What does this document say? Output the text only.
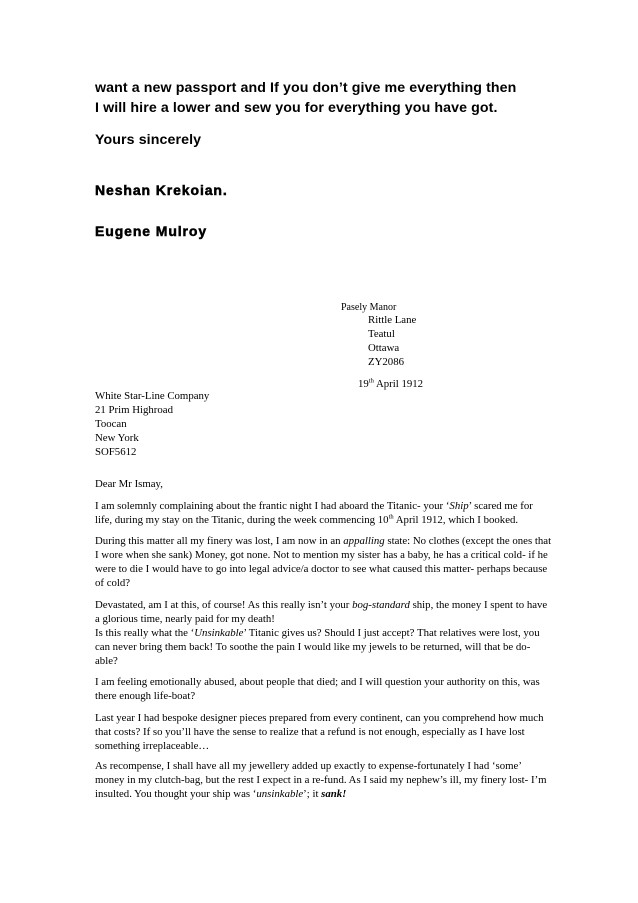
want a new passport and If you don’t give me everything then
I will hire a lower and sew you for everything you have got.
Yours sincerely
Neshan Krekoian.
Eugene Mulroy
Pasely Manor
Rittle Lane
Teatul
Ottawa
ZY2086
19th April 1912
White Star-Line Company
21 Prim Highroad
Toocan
New York
SOF5612
Dear Mr Ismay,
I am solemnly complaining about the frantic night I had aboard the Titanic- your ‘Ship’ scared me for
life, during my stay on the Titanic, during the week commencing 10th April 1912, which I booked.
During this matter all my finery was lost, I am now in an appalling state: No clothes (except the ones that
I wore when she sank) Money, got none. Not to mention my sister has a baby, he has a critical cold- if he
were to die I would have to go into legal advice/a doctor to see what caused this matter- perhaps because
of cold?
Devastated, am I at this, of course! As this really isn’t your bog-standard ship, the money I spent to have
a glorious time, nearly paid for my death!
Is this really what the ‘Unsinkable’ Titanic gives us? Should I just accept? That relatives were lost, you
can never bring them back! To soothe the pain I would like my jewels to be returned, will that be do-
able?
I am feeling emotionally abused, about people that died; and I will question your authority on this, was
there enough life-boat?
Last year I had bespoke designer pieces prepared from every continent, can you comprehend how much
that costs? If so you’ll have the sense to realize that a refund is not enough, especially as I have lost
something irreplaceable…
As recompense, I shall have all my jewellery added up exactly to expense-fortunately I had ‘some’
money in my clutch-bag, but the rest I expect in a re-fund. As I said my nephew’s ill, my finery lost- I’m
insulted. You thought your ship was ‘unsinkable’; it sank!
